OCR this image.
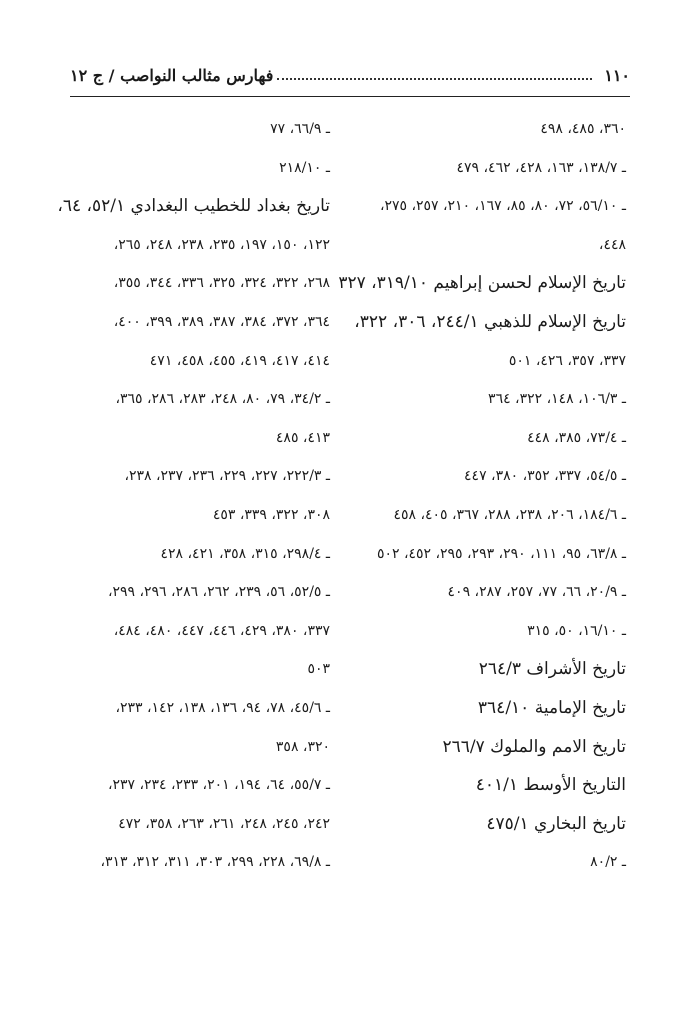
١١٠
فهارس مثالب النواصب / ج ١٢
٣٦٠، ٤٨٥، ٤٩٨
ـ ١٣٨/٧، ١٦٣، ٤٢٨، ٤٦٢، ٤٧٩
ـ ٥٦/١٠، ٧٢، ٨٠، ٨٥، ١٦٧، ٢١٠، ٢٥٧، ٢٧٥،
٤٤٨،
تاريخ الإسلام لحسن إبراهيم ٣١٩/١٠، ٣٢٧
تاريخ الإسلام للذهبي ٢٤٤/١، ٣٠٦، ٣٢٢،
٣٣٧، ٣٥٧، ٤٢٦، ٥٠١
ـ ١٠٦/٣، ١٤٨، ٣٢٢، ٣٦٤
ـ ٧٣/٤، ٣٨٥، ٤٤٨
ـ ٥٤/٥، ٣٣٧، ٣٥٢، ٣٨٠، ٤٤٧
ـ ١٨٤/٦، ٢٠٦، ٢٣٨، ٢٨٨، ٣٦٧، ٤٠٥، ٤٥٨
ـ ٦٣/٨، ٩٥، ١١١، ٢٩٠، ٢٩٣، ٢٩٥، ٤٥٢، ٥٠٢
ـ ٢٠/٩، ٦٦، ٧٧، ٢٥٧، ٢٨٧، ٤٠٩
ـ ١٦/١٠، ٥٠، ٣١٥
تاريخ الأشراف ٢٦٤/٣
تاريخ الإمامية ٣٦٤/١٠
تاريخ الامم والملوك ٢٦٦/٧
التاريخ الأوسط ٤٠١/١
تاريخ البخاري ٤٧٥/١
ـ ٨٠/٢
ـ ٦٦/٩، ٧٧
ـ ٢١٨/١٠
تاريخ بغداد للخطيب البغدادي ٥٢/١، ٦٤،
١٢٢، ١٥٠، ١٩٧، ٢٣٥، ٢٣٨، ٢٤٨، ٢٦٥،
٢٦٨، ٣٢٢، ٣٢٤، ٣٢٥، ٣٣٦، ٣٤٤، ٣٥٥،
٣٦٤، ٣٧٢، ٣٨٤، ٣٨٧، ٣٨٩، ٣٩٩، ٤٠٠،
٤١٤، ٤١٧، ٤١٩، ٤٥٥، ٤٥٨، ٤٧١
ـ ٣٤/٢، ٧٩، ٨٠، ٢٤٨، ٢٨٣، ٢٨٦، ٣٦٥،
٤١٣، ٤٨٥
ـ ٢٢٢/٣، ٢٢٧، ٢٢٩، ٢٣٦، ٢٣٧، ٢٣٨،
٣٠٨، ٣٢٢، ٣٣٩، ٤٥٣
ـ ٢٩٨/٤، ٣١٥، ٣٥٨، ٤٢١، ٤٢٨
ـ ٥٢/٥، ٥٦، ٢٣٩، ٢٦٢، ٢٨٦، ٢٩٦، ٢٩٩،
٣٣٧، ٣٨٠، ٤٢٩، ٤٤٦، ٤٤٧، ٤٨٠، ٤٨٤،
٥٠٣
ـ ٤٥/٦، ٧٨، ٩٤، ١٣٦، ١٣٨، ١٤٢، ٢٣٣،
٣٢٠، ٣٥٨
ـ ٥٥/٧، ٦٤، ١٩٤، ٢٠١، ٢٣٣، ٢٣٤، ٢٣٧،
٢٤٢، ٢٤٥، ٢٤٨، ٢٦١، ٢٦٣، ٣٥٨، ٤٧٢
ـ ٦٩/٨، ٢٢٨، ٢٩٩، ٣٠٣، ٣١١، ٣١٢، ٣١٣،
